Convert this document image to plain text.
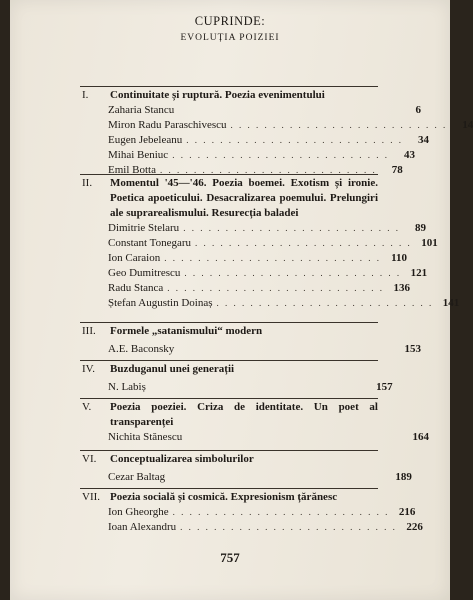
CUPRINDE:
EVOLUȚIA POIZIEI
I.	Continuitate și ruptură. Poezia evenimentului
Zaharia Stancu	6
Miron Radu Paraschivescu . . . . . . . . . . . . . . . . . . . . . . . . . .	14
Eugen Jebeleanu . . . . . . . . . . . . . . . . . . . . . . . . . .	34
Mihai Beniuc . . . . . . . . . . . . . . . . . . . . . . . . . .	43
Emil Botta . . . . . . . . . . . . . . . . . . . . . . . . . .	78
II.	Momentul '45—'46. Poezia boemei. Exotism și ironie. Poetica apoeticului. Desacralizarea poemului. Prelungiri ale suprarealismului. Resurecția baladei
Dimitrie Stelaru . . . . . . . . . . . . . . . . . . . . . . . . . .	89
Constant Tonegaru . . . . . . . . . . . . . . . . . . . . . . . . . . 101
Ion Caraion . . . . . . . . . . . . . . . . . . . . . . . . . . 110
Geo Dumitrescu . . . . . . . . . . . . . . . . . . . . . . . . . . 121
Radu Stanca . . . . . . . . . . . . . . . . . . . . . . . . . . 136
Ștefan Augustin Doinaș . . . . . . . . . . . . . . . . . . . . . . . . . . 141
III.	Formele „satanismului“ modern
A.E. Baconsky	153
IV.	Buzduganul unei generații
N. Labiș	157
V.	Poezia poeziei. Criza de identitate. Un poet al transparenței
Nichita Stănescu	164
VI.	Conceptualizarea simbolurilor
Cezar Baltag	189
VII. Poezia socială și cosmică. Expresionism țărănesc
Ion Gheorghe . . . . . . . . . . . . . . . . . . . . . . . . . . 216
Ioan Alexandru . . . . . . . . . . . . . . . . . . . . . . . . . . 226
757
